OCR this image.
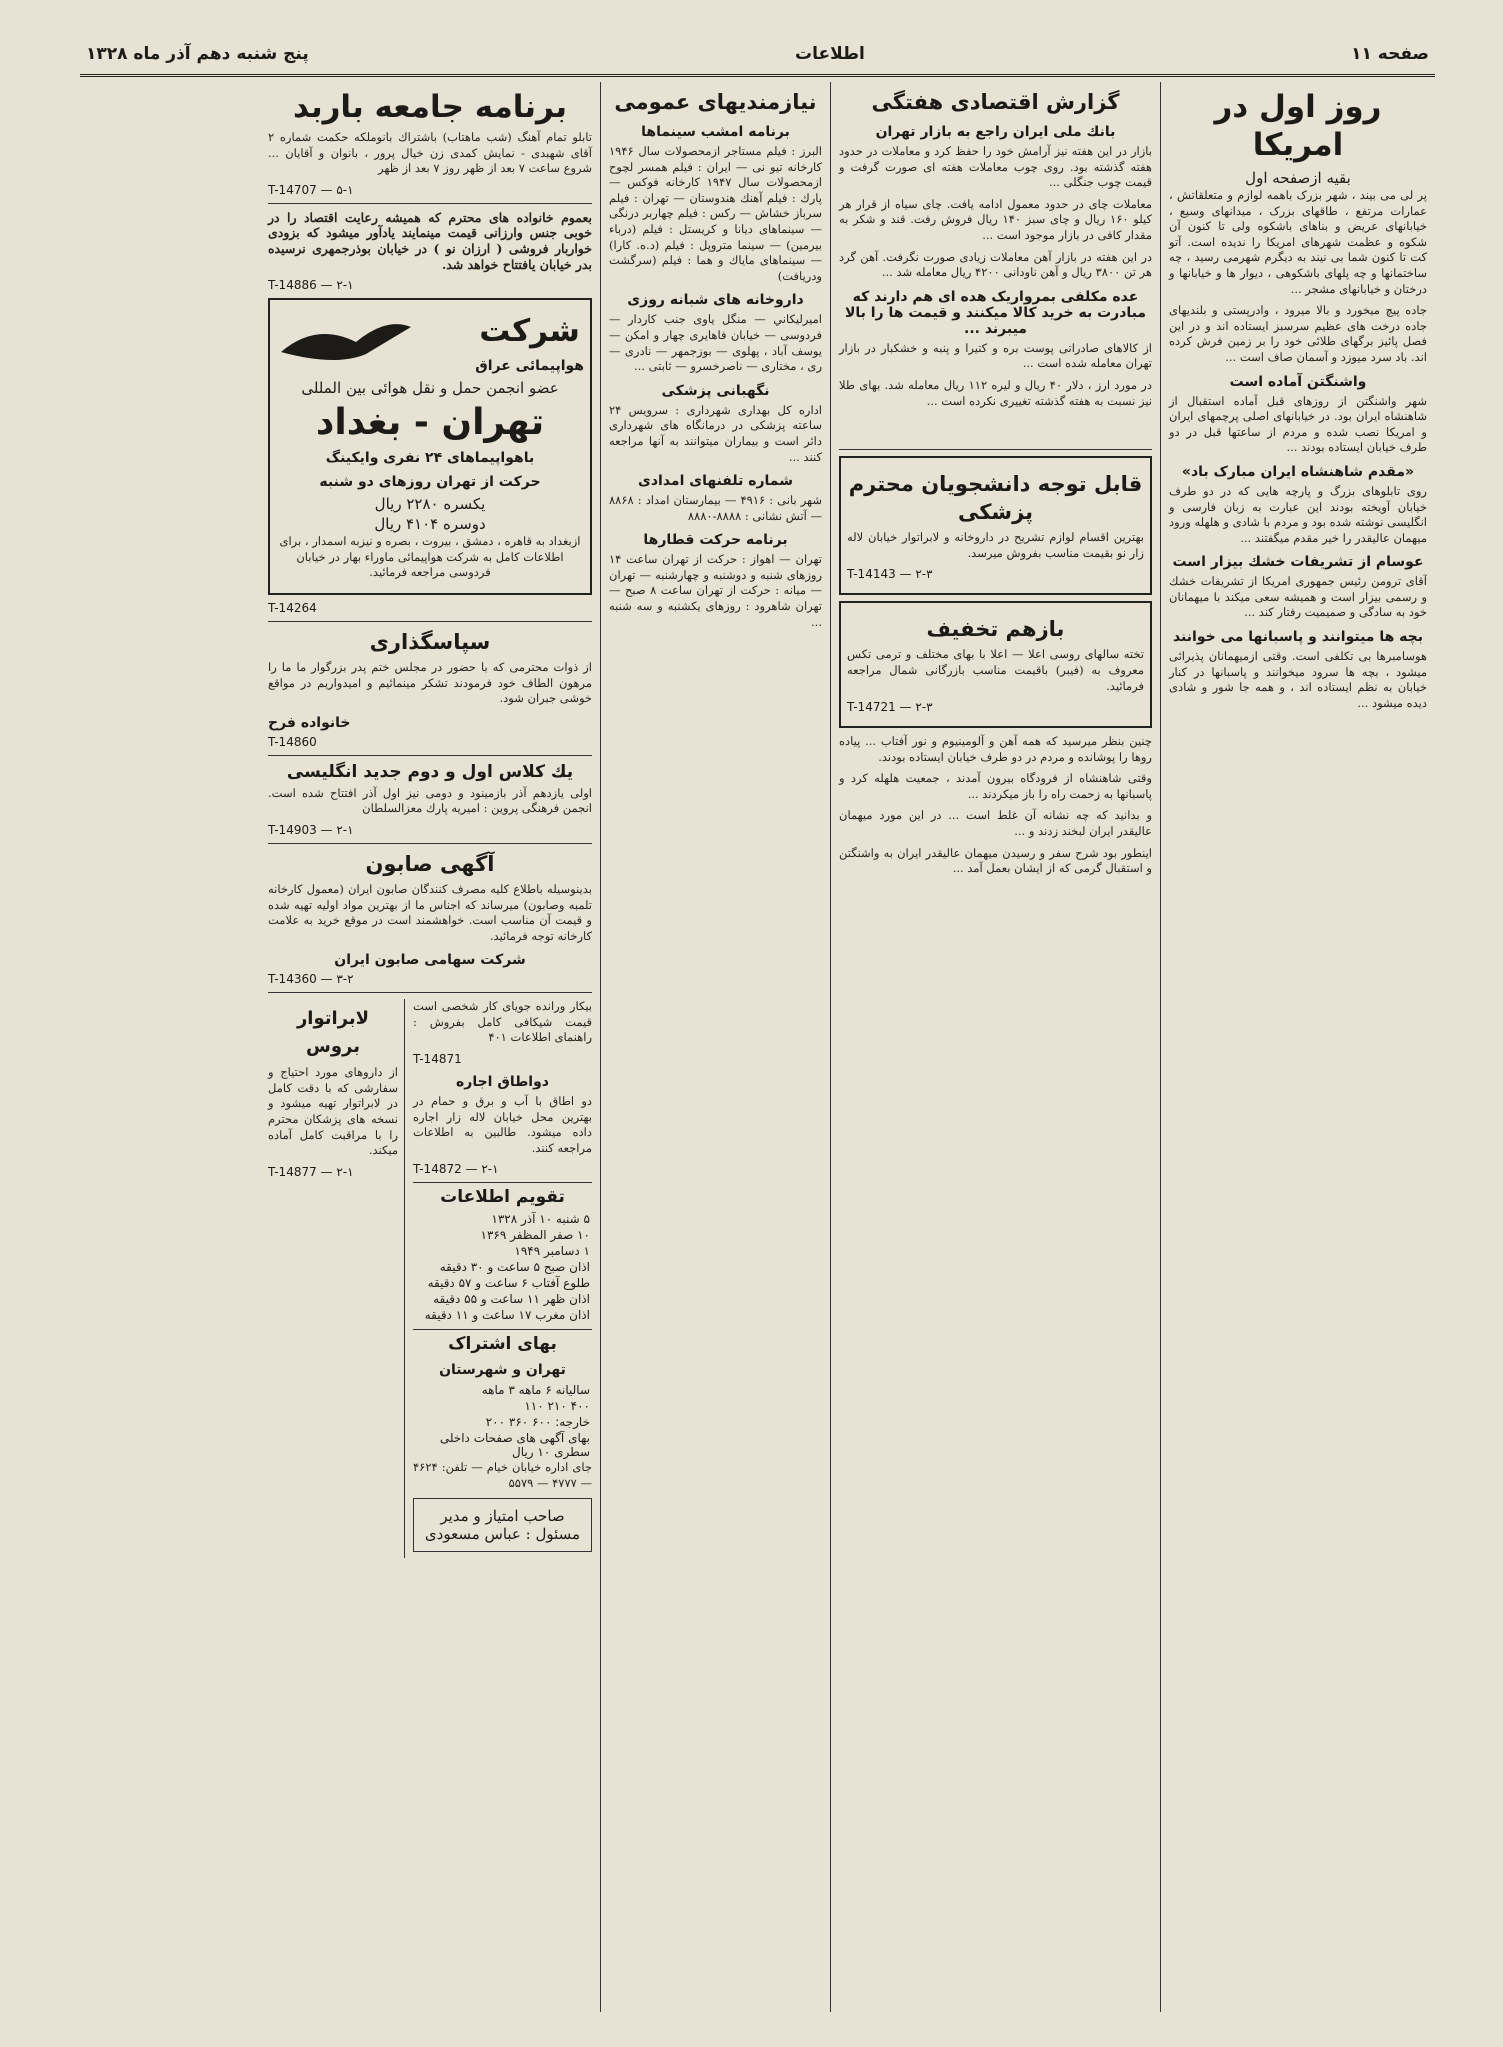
صفحه ۱۱
اطلاعات
پنج شنبه دهم آذر ماه ۱۳۲۸
روز اول در امریکا
بقیه ازصفحه اول

پر لی می بیند ، شهر بزرک باهمه لوازم و متعلقاتش ، عمارات مرتفع ، طاقهای بزرک ، میدانهای وسیع ، خیابانهای عریض و بناهای باشکوه ولی تا کنون آن شکوه و عظمت شهرهای امریکا را ندیده است. آتو کت تا کنون شما بی نیند به دیگرم شهرمی رسید ، چه ساختمانها و چه پلهای باشکوهی ، دیوار ها و خیابانها و درختان و خیابانهای مشجر ...

جاده پیچ میخورد و بالا میرود ، وادرپستی و بلندیهای جاده درخت های عظیم سرسبز ایستاده اند و در این فصل پائیز برگهای طلائی خود را بر زمین فرش کرده اند. باد سرد میوزد و آسمان صاف است ...

واشنگتن آماده است

شهر واشنگتن از روزهای قبل آماده استقبال از شاهنشاه ایران بود. در خیابانهای اصلی پرچمهای ایران و امریکا نصب شده و مردم از ساعتها قبل در دو طرف خیابان ایستاده بودند ...

«مقدم شاهنشاه ایران مبارک باد»

روی تابلوهای بزرگ و پارچه هایی که در دو طرف خیابان آویخته بودند این عبارت به زبان فارسی و انگلیسی نوشته شده بود و مردم با شادی و هلهله ورود میهمان عالیقدر را خیر مقدم میگفتند ...

عوسام از تشریفات خشك بیزار است

آقای ترومن رئیس جمهوری امریکا از تشریفات خشك و رسمی بیزار است و همیشه سعی میکند با میهمانان خود به سادگی و صمیمیت رفتار کند ...

بچه ها میتوانند و پاسبانها می خوانند

هوسامبرها بی تکلفی است. وقتی ازمیهمانان پذیرائی میشود ، بچه ها سرود میخوانند و پاسبانها در کنار خیابان به نظم ایستاده اند ، و همه جا شور و شادی دیده میشود ...

گزارش اقتصادی هفتگی
بانك ملی ایران راجع به بازار تهران

بازار در این هفته نیز آرامش خود را حفظ کرد و معاملات در حدود هفته گذشته بود. روی چوب معاملات هفته ای صورت گرفت و قیمت چوب جنگلی ...

معاملات چای در حدود معمول ادامه یافت. چای سیاه از قرار هر کیلو ۱۶۰ ریال و چای سبز ۱۴۰ ریال فروش رفت. قند و شکر به مقدار کافی در بازار موجود است ...

در این هفته در بازار آهن معاملات زیادی صورت نگرفت. آهن گرد هر تن ۳۸۰۰ ریال و آهن ناودانی ۴۲۰۰ ریال معامله شد ...

عده مکلفی بمرواریک هده ای هم دارند که مبادرت به خرید کالا میکنند و قیمت ها را بالا میبرند ...

از کالاهای صادراتی پوست بره و کتیرا و پنبه و خشکبار در بازار تهران معامله شده است ...

در مورد ارز ، دلار ۴۰ ریال و لیره ۱۱۲ ریال معامله شد. بهای طلا نیز نسبت به هفته گذشته تغییری نکرده است ...

قابل توجه دانشجویان محترم پزشکی

بهترین اقسام لوازم تشریح در داروخانه و لابراتوار خیابان لاله زار نو بقیمت مناسب بفروش میرسد.

T-14143 — ۲-۳
بازهم تخفیف

تخته سالهای روسی اعلا — اعلا با بهای مختلف و ترمی تکس معروف به (فیبر) باقیمت مناسب بازرگانی شمال مراجعه فرمائید.

T-14721 — ۲-۳

چنین بنظر میرسید که همه آهن و آلومینیوم و نور آفتاب ... پیاده روها را پوشانده و مردم در دو طرف خیابان ایستاده بودند.

وقتی شاهنشاه از فرودگاه بیرون آمدند ، جمعیت هلهله کرد و پاسبانها به زحمت راه را باز میکردند ...

و بدانید که چه نشانه آن غلط است ... در این مورد میهمان عالیقدر ایران لبخند زدند و ...

اینطور بود شرح سفر و رسیدن میهمان عالیقدر ایران به واشنگتن و استقبال گرمی که از ایشان بعمل آمد ...

نیازمندیهای عمومی
برنامه امشب سینماها

البرز : فیلم مستاجر ازمحصولات سال ۱۹۴۶ کارخانه تیو نی — ایران : فیلم همسر لچوح ازمحصولات سال ۱۹۴۷ کارخانه فوکس — پارك : فیلم آهنك هندوستان — تهران : فیلم سرباز خشاش — رکس : فیلم چهاربر درنگی — سینماهای دیانا و کریستل : فیلم (درباء بیرمین) — سینما متروپل : فیلم (د.ه. کارا) — سینماهای مایاك و هما : فیلم (سرگشت ودریافت)

داروخانه های شبانه روزی

امیرلیکاني — منگل یاوی جنب کاردار — فردوسی — خیابان فاهایری چهار و امکن — یوسف آباد ، پهلوی — بوزجمهر — نادری — ری ، مختاری — ناصرخسرو — ثابتی ...

نگهبانی پزشکی

اداره کل بهداری شهرداری : سرویس ۲۴ ساعته پزشکی در درمانگاه های شهرداری دائر است و بیماران میتوانند به آنها مراجعه کنند ...

شماره تلفنهای امدادی

شهر بانی : ۴۹۱۶ — بیمارستان امداد : ۸۸۶۸ — آتش نشانی : ۸۸۸۸-۸۸۸۰

برنامه حرکت قطارها

تهران — اهواز : حرکت از تهران ساعت ۱۴ روزهای شنبه و دوشنبه و چهارشنبه — تهران — میانه : حرکت از تهران ساعت ۸ صبح — تهران شاهرود : روزهای یکشنبه و سه شنبه ...

برنامه جامعه باربد

تابلو تمام آهنگ (شب ماهتاب) باشتراك بانوملكه حكمت شماره ۲ آقای شهبدی - نمایش کمدی زن خیال پرور ، بانوان و آقایان ... شروع ساعت ۷ بعد از ظهر روز ۷ بعد از ظهر

T-14707 — ۵-۱

بعموم خانواده های محترم که همیشه رعایت اقتصاد را در خوبی جنس وارزانی قیمت مینمایند یادآور میشود که بزودی خواربار فروشی ( ارزان نو ) در خیابان بوذرجمهری نرسیده بدر خیابان یافتتاح خواهد شد.

T-14886 — ۲-۱
شرکت
هواپیمائی عراق
عضو انجمن حمل و نقل هوائی بین المللی
تهران - بغداد
باهواپیماهای ۲۴ نفری وایکینگ
حرکت از تهران روزهای دو شنبه
یکسره ۲۲۸۰ ریال
دوسره ۴۱۰۴ ریال

ازبغداد به قاهره ، دمشق ، بیروت ، بصره و نیزبه اسمدار ، برای اطلاعات کامل به شرکت هواپیمائی ماوراء بهار در خیابان فردوسی مراجعه فرمائید.

T-14264
سپاسگذاری

از ذوات محترمی که با حضور در مجلس ختم پدر بزرگوار ما ما را مرهون الطاف خود فرمودند تشکر مینمائیم و امیدواریم در مواقع خوشی جبران شود.

خانواده فرح
T-14860
یك کلاس اول و دوم جدید انگلیسی

اولی یازدهم آذر بازمینود و دومی نیز اول آذر افتتاح شده است. انجمن فرهنگی پروین : امیریه پارك معزالسلطان

T-14903 — ۲-۱
آگهی صابون

بدینوسیله باطلاع کلیه مصرف کنندگان صابون ایران (معمول کارخانه تلمبه وصابون) میرساند که اجناس ما از بهترین مواد اولیه تهیه شده و قیمت آن مناسب است. خواهشمند است در موقع خرید به علامت کارخانه توجه فرمائید.

شرکت سهامی صابون ایران
T-14360 — ۳-۲

بیکار ورانده جویای کار شخصی است قیمت شیکافی کامل بفروش : راهنمای اطلاعات ۴۰۱

T-14871
دواطاق اجاره

دو اطاق با آب و برق و حمام در بهترین محل خیابان لاله زار اجاره داده میشود. طالبین به اطلاعات مراجعه کنند.

T-14872 — ۲-۱
تقویم اطلاعات
۵ شنبه ۱۰ آذر ۱۳۲۸
۱۰ صفر المظفر ۱۳۶۹
۱ دسامبر ۱۹۴۹
اذان صبح ۵ ساعت و ۳۰ دقیقه
طلوع آفتاب ۶ ساعت و ۵۷ دقیقه
اذان ظهر ۱۱ ساعت و ۵۵ دقیقه
اذان مغرب ۱۷ ساعت و ۱۱ دقیقه
بهای اشتراک
تهران و شهرستان
سالیانه ۶ ماهه ۳ ماهه
۴۰۰ ۲۱۰ ۱۱۰
خارجه: ۶۰۰ ۳۶۰ ۲۰۰
بهای آگهی های صفحات داخلی سطری ۱۰ ریال

جای اداره خیابان خیام — تلفن: ۴۶۲۴ — ۴۷۷۷ — ۵۵۷۹

صاحب امتیاز و مدیر مسئول : عباس مسعودی
لابراتوار بروس

از داروهای مورد احتیاج و سفارشی که با دقت کامل در لابراتوار تهیه میشود و نسخه های پزشکان محترم را با مراقبت کامل آماده میکند.

T-14877 — ۲-۱
